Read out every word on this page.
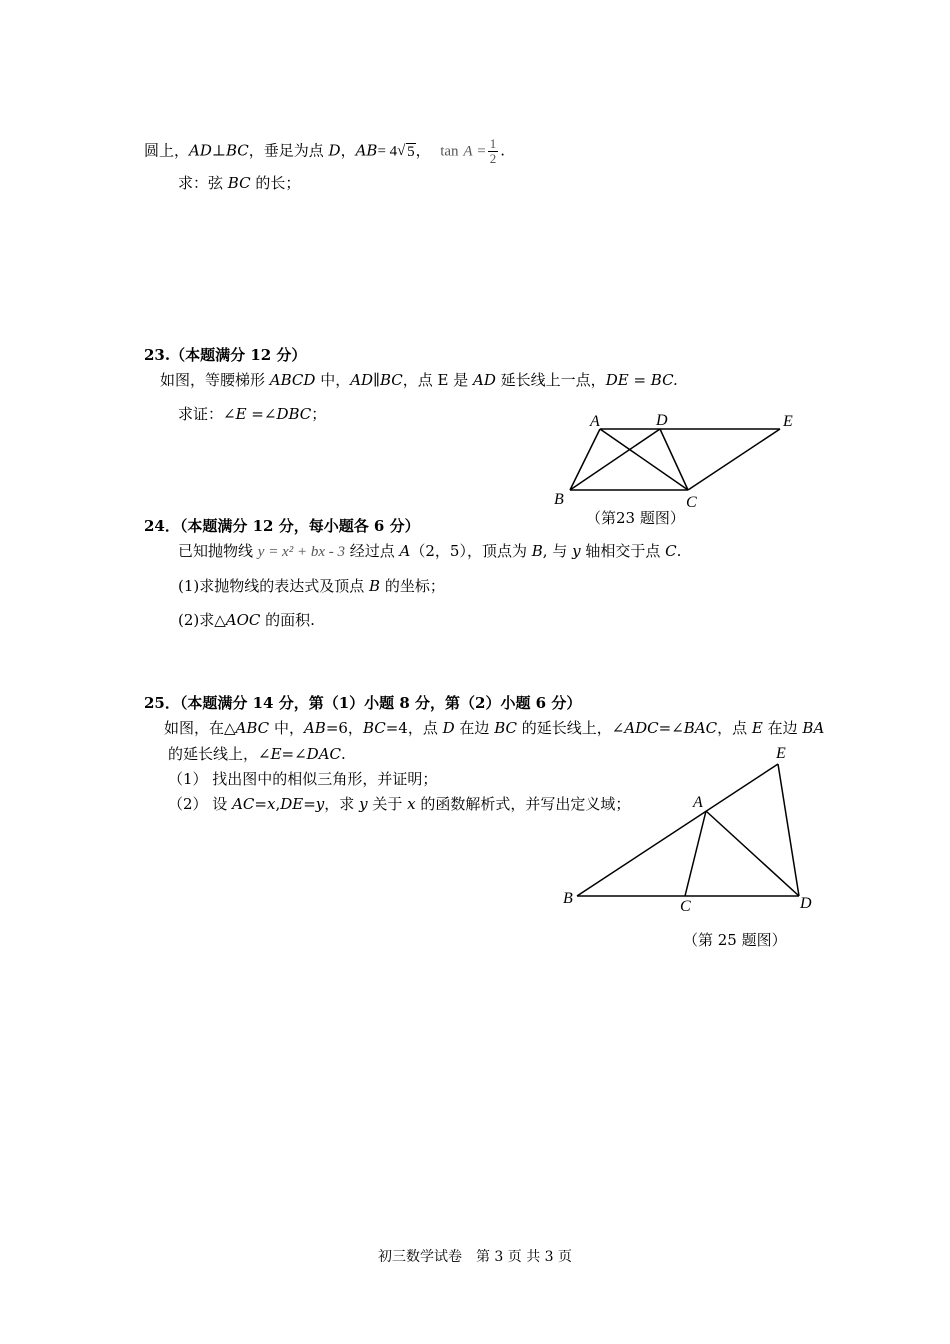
圆上，AD⊥BC，垂足为点 D，AB= 4√ 5， $\tan A = \frac{1}{2}$ .
求：弦 BC 的长；
23.（本题满分 12 分）
如图，等腰梯形 ABCD 中，AD∥BC，点 E 是 AD 延长线上一点，DE = BC.
求证：∠E =∠DBC；	A	D	E
B	C
（第23 题图）
24．（本题满分 12 分，每小题各 6 分）
已知抛物线 y = x² + bx - 3 经过点 A（2，5），顶点为 B, 与 y 轴相交于点 C.
(1)求抛物线的表达式及顶点 B 的坐标；
(2)求△AOC 的面积.
25．（本题满分 14 分，第（1）小题 8 分，第（2）小题 6 分）
如图，在△ABC 中，AB=6，BC=4，点 D 在边 BC 的延长线上，∠ADC=∠BAC，点 E 在边 BA
的延长线上，∠E=∠DAC.
（1） 找出图中的相似三角形，并证明；
（2） 设 AC=x,DE=y，求 y 关于 x 的函数解析式，并写出定义域；
E
A
B	C	D
（第 25 题图）
初三数学试卷　第 3 页 共 3 页
